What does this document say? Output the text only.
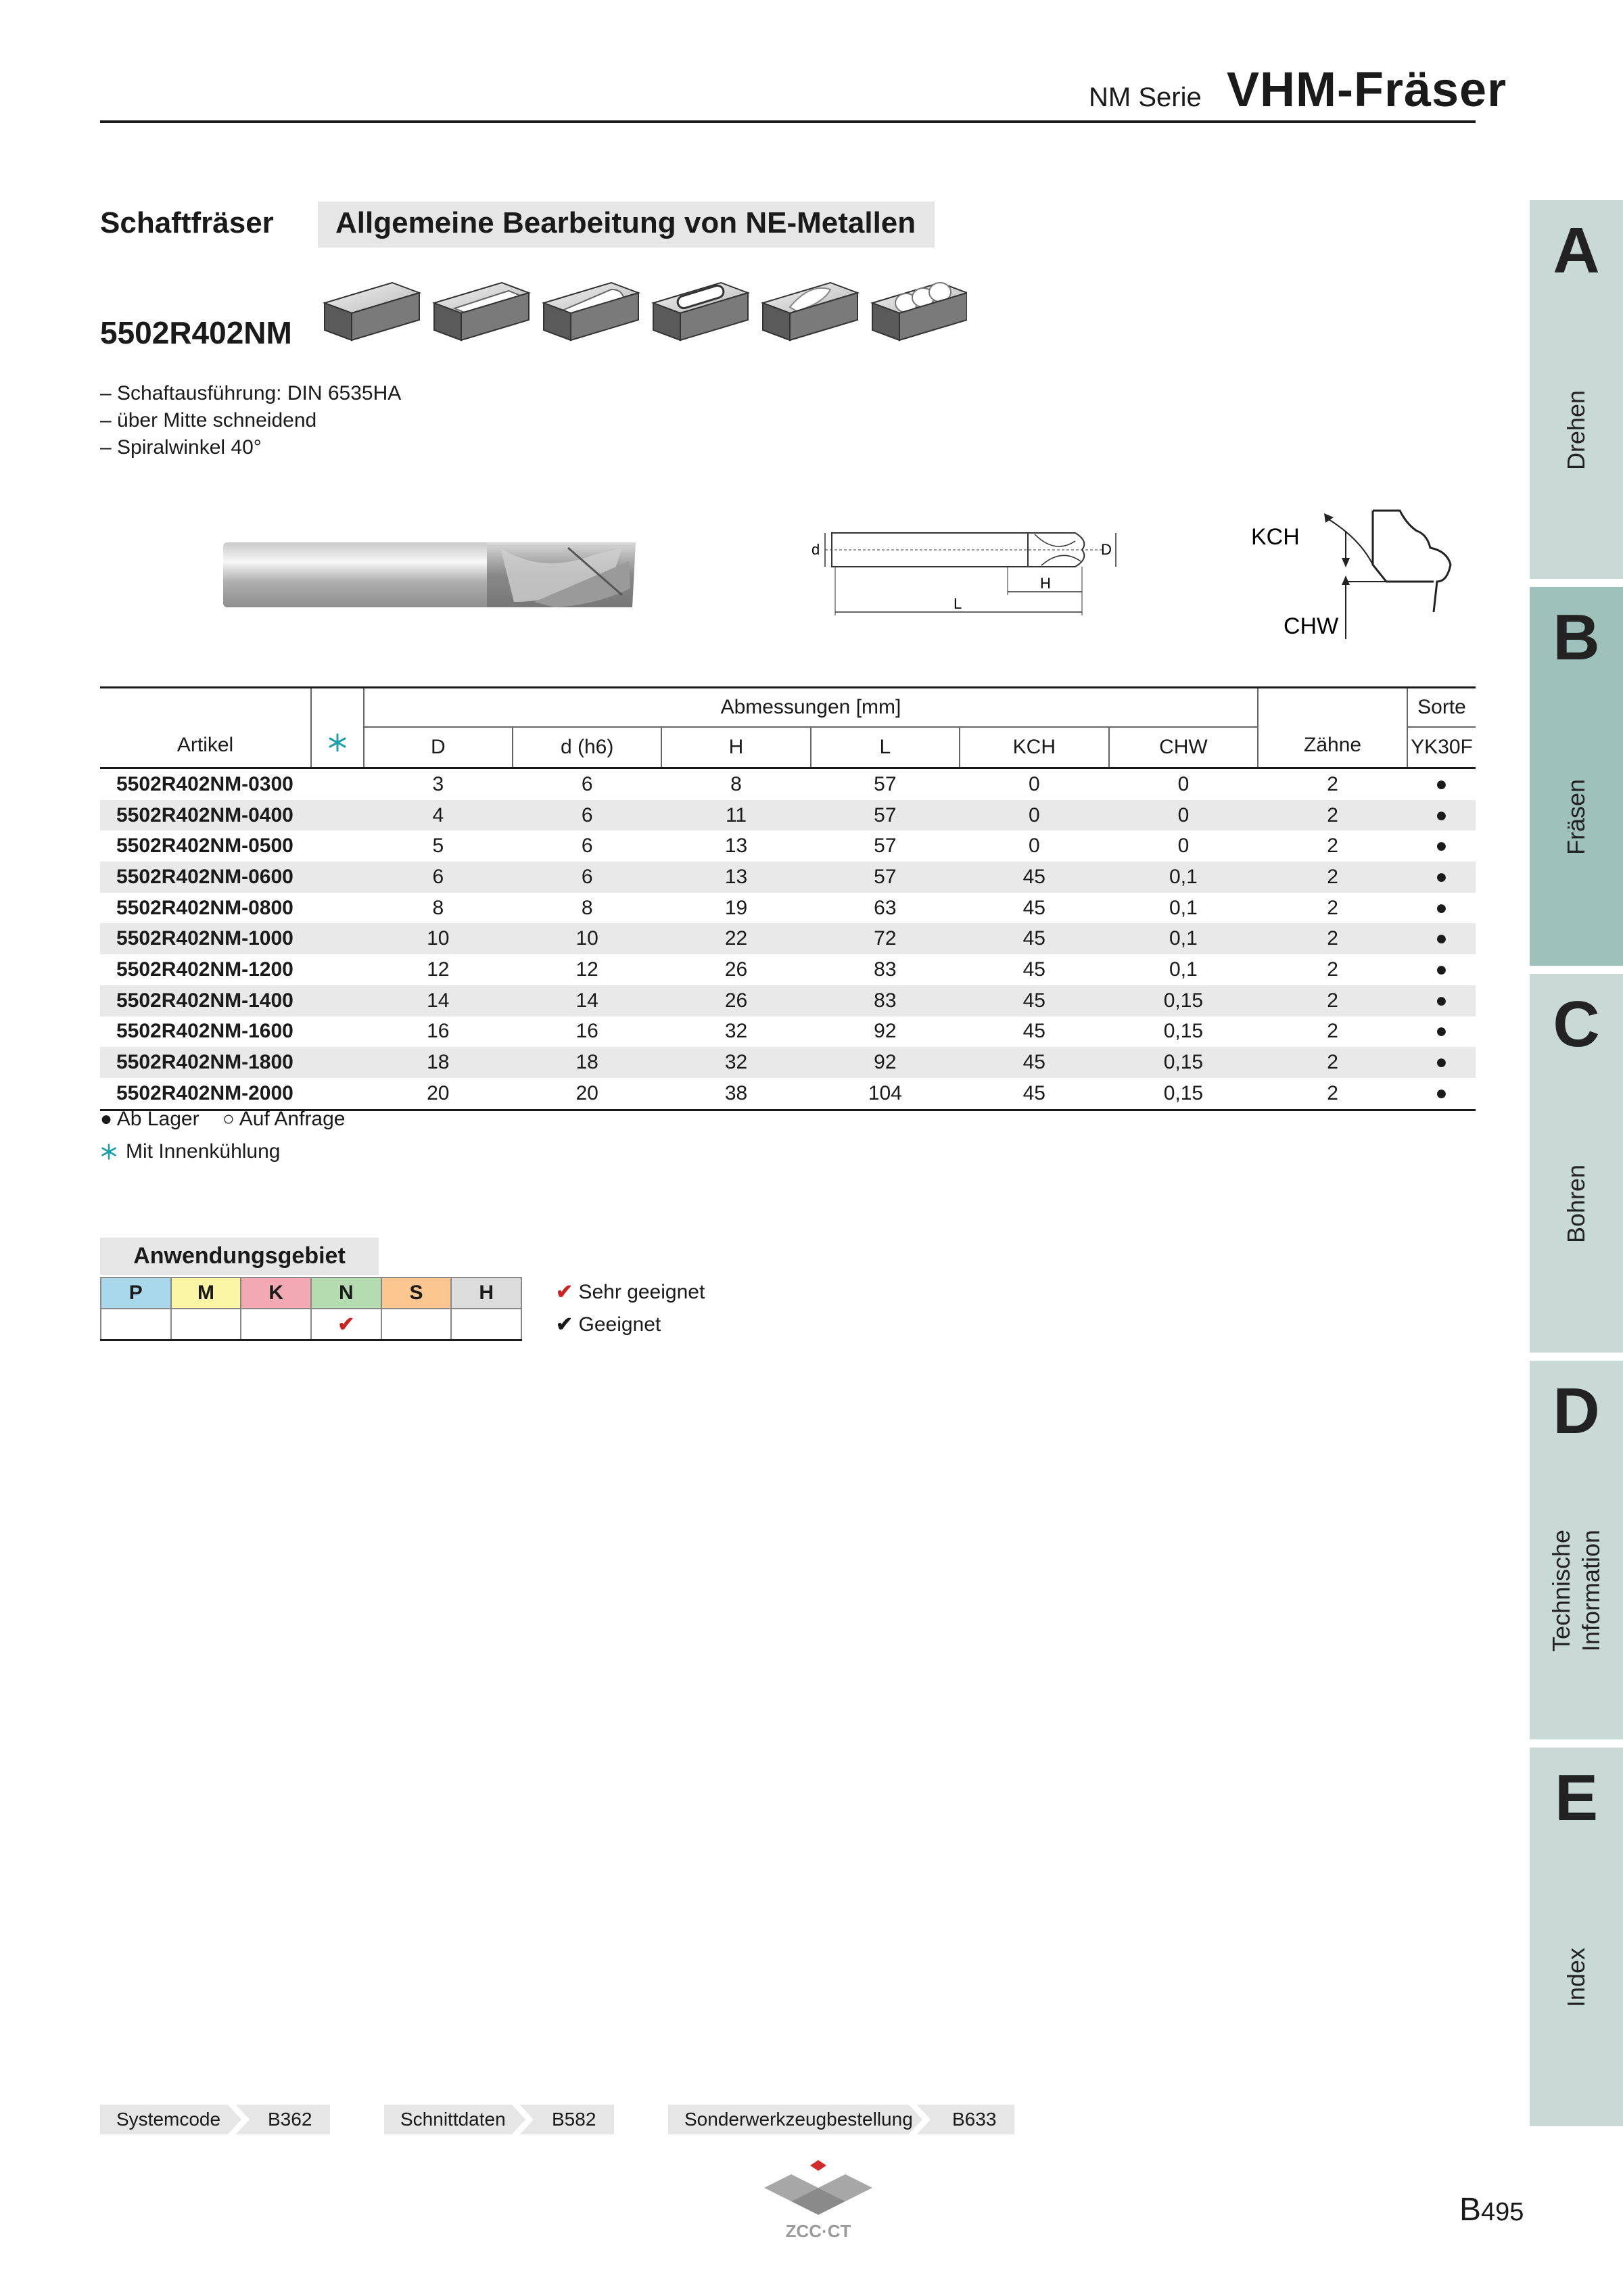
NM Serie VHM-Fräser
A
Drehen
B
Fräsen
C
Bohren
D
Technische Information
E
Index
Schaftfräser Allgemeine Bearbeitung von NE-Metallen
5502R402NM
– Schaftausführung: DIN 6535HA
– über Mitte schneidend
– Spiralwinkel 40°
d	D
H
L
KCH
CHW
Artikel		Abmessungen [mm]						Zähne	Sorte
		D	d (h6)	H	L	KCH	CHW		YK30F
5502R402NM-0300		3	6	8	57	0	0	2	●
5502R402NM-0400		4	6	11	57	0	0	2	●
5502R402NM-0500		5	6	13	57	0	0	2	●
5502R402NM-0600		6	6	13	57	45	0,1	2	●
5502R402NM-0800		8	8	19	63	45	0,1	2	●
5502R402NM-1000		10	10	22	72	45	0,1	2	●
5502R402NM-1200		12	12	26	83	45	0,1	2	●
5502R402NM-1400		14	14	26	83	45	0,15	2	●
5502R402NM-1600		16	16	32	92	45	0,15	2	●
5502R402NM-1800		18	18	32	92	45	0,15	2	●
5502R402NM-2000		20	20	38	104	45	0,15	2	●
● Ab Lager ○ Auf Anfrage
Mit Innenkühlung
Anwendungsgebiet
P	M	K	N	S	H
			✔		
✔ Sehr geeignet
✔ Geeignet
Systemcode B362	Schnittdaten B582	Sonderwerkzeugbestellung B633
ZCC·CT
B 495
